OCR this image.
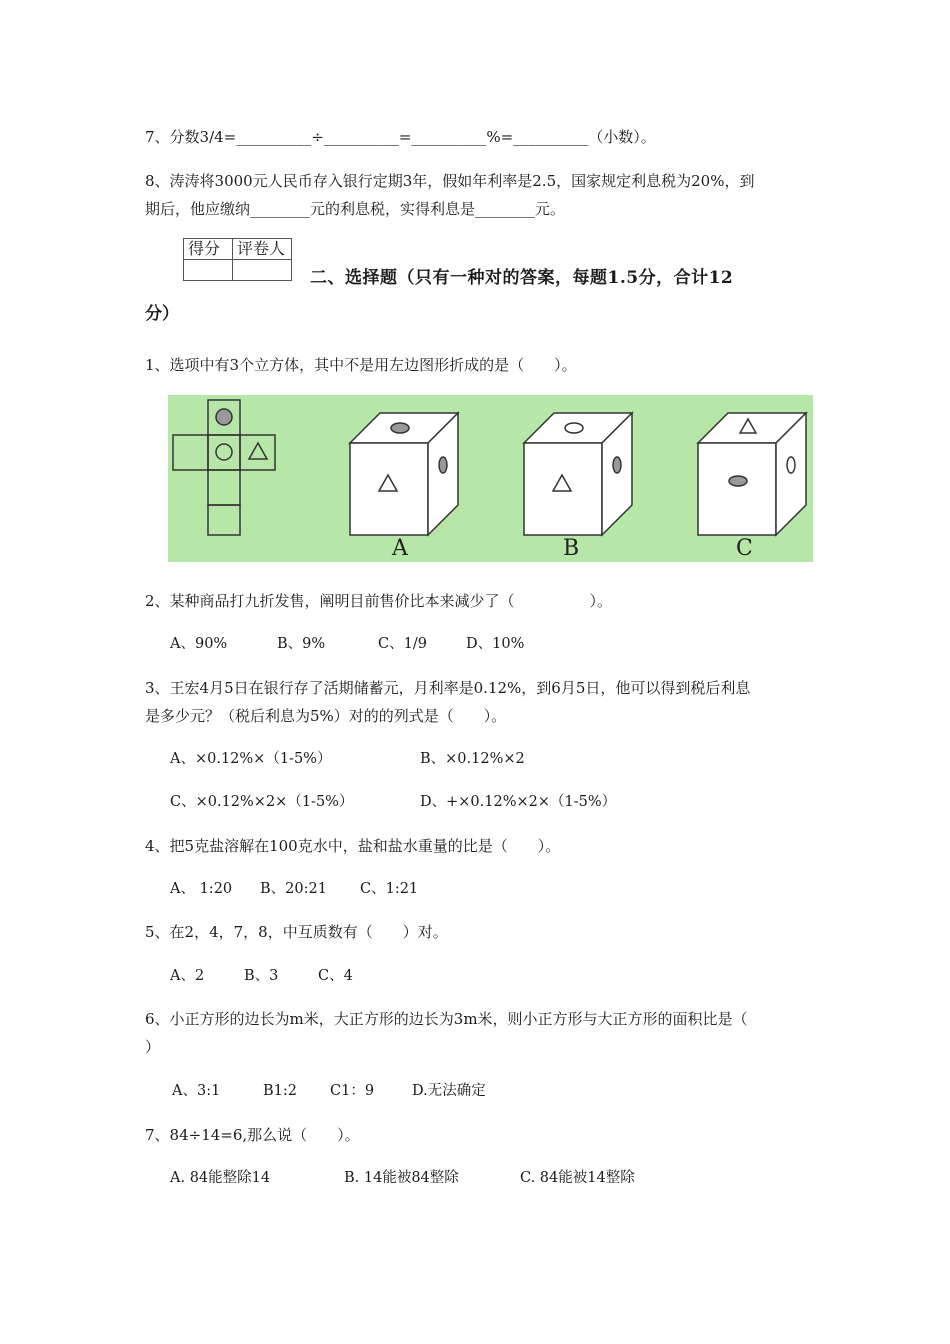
7、分数3/4=__________÷__________=__________%=__________（小数）。
8、涛涛将3000元人民币存入银行定期3年，假如年利率是2.5，国家规定利息税为20%，到
期后，他应缴纳________元的利息税，实得利息是________元。
得分	评卷人

二、选择题（只有一种对的答案，每题1.5分，合计12
分）
1、选项中有3个立方体，其中不是用左边图形折成的是（　　）。
A	B	C
2、某种商品打九折发售，阐明目前售价比本来减少了（　　　　　）。
A、90%	B、9%	C、1/9	D、10%
3、王宏4月5日在银行存了活期储蓄元，月利率是0.12%，到6月5日，他可以得到税后利息
是多少元？（税后利息为5%）对的的列式是（　　）。
A、×0.12%×（1-5%）	B、×0.12%×2
C、×0.12%×2×（1-5%）	D、+×0.12%×2×（1-5%）
4、把5克盐溶解在100克水中，盐和盐水重量的比是（　　）。
A、 1:20 B、20:21 C、1:21
5、在2，4，7，8，中互质数有（　　）对。
A、2	B、3	C、4
6、小正方形的边长为m米，大正方形的边长为3m米，则小正方形与大正方形的面积比是（
）
A、3:1	B1:2 C1：9	D.无法确定
7、84÷14=6,那么说（　　）。
A. 84能整除14	B. 14能被84整除	C. 84能被14整除
